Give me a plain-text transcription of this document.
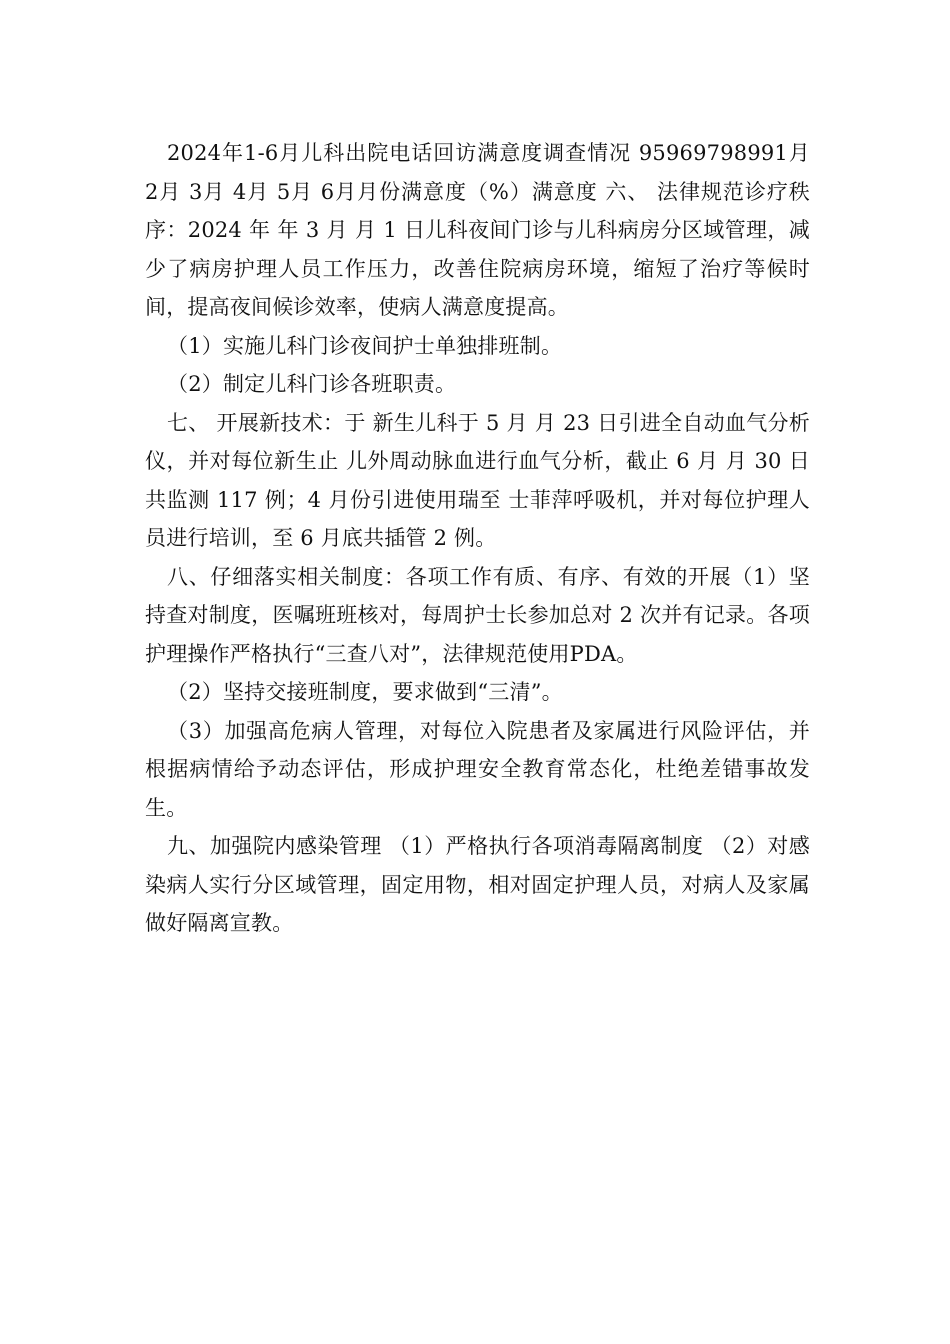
2024年1-6月儿科出院电话回访满意度调查情况 95969798991月 2月 3月 4月 5月 6月月份满意度（%）满意度 六、 法律规范诊疗秩序：2024 年 年 3 月 月 1 日儿科夜间门诊与儿科病房分区域管理，减少了病房护理人员工作压力，改善住院病房环境，缩短了治疗等候时间，提高夜间候诊效率，使病人满意度提高。

（1）实施儿科门诊夜间护士单独排班制。

（2）制定儿科门诊各班职责。

七、 开展新技术：于 新生儿科于 5 月 月 23 日引进全自动血气分析仪，并对每位新生止 儿外周动脉血进行血气分析，截止 6 月 月 30 日共监测 117 例；4 月份引进使用瑞至 士菲萍呼吸机，并对每位护理人员进行培训，至 6 月底共插管 2 例。

八、仔细落实相关制度：各项工作有质、有序、有效的开展（1）坚持查对制度，医嘱班班核对，每周护士长参加总对 2 次并有记录。各项护理操作严格执行“三查八对”，法律规范使用PDA。

（2）坚持交接班制度，要求做到“三清”。

（3）加强高危病人管理，对每位入院患者及家属进行风险评估，并根据病情给予动态评估，形成护理安全教育常态化，杜绝差错事故发生。

九、加强院内感染管理 （1）严格执行各项消毒隔离制度 （2）对感染病人实行分区域管理，固定用物，相对固定护理人员，对病人及家属做好隔离宣教。
